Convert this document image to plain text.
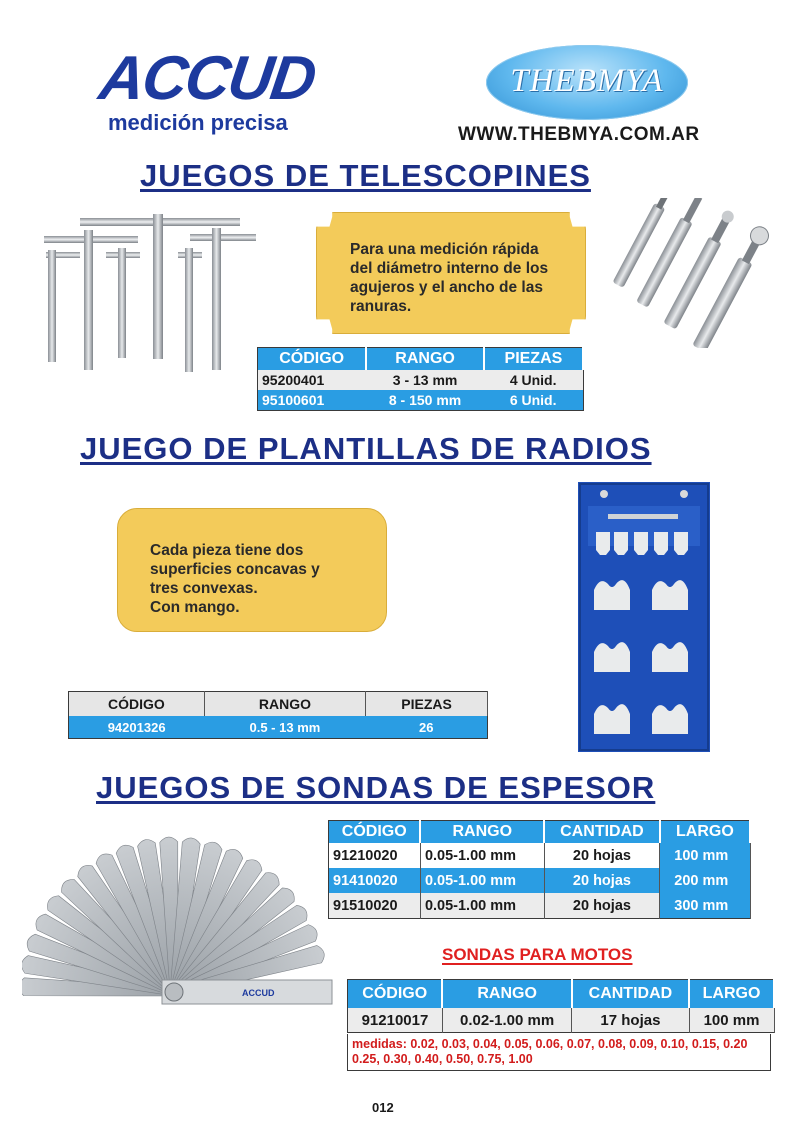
ACCUD
medición precisa
THEBMYA
WWW.THEBMYA.COM.AR
JUEGOS DE TELESCOPINES
Para una medición rápida
del diámetro interno de los
agujeros y el ancho de las
ranuras.
CÓDIGO	RANGO	PIEZAS
95200401	3 - 13 mm	4 Unid.
95100601	8 - 150 mm	6 Unid.
JUEGO DE PLANTILLAS DE RADIOS
Cada pieza tiene dos
superficies concavas y
tres convexas.
Con mango.
CÓDIGO	RANGO	PIEZAS
94201326	0.5 - 13 mm	26
JUEGOS DE SONDAS DE ESPESOR
ACCUD
CÓDIGO	RANGO	CANTIDAD	LARGO
91210020	0.05-1.00 mm	20 hojas	100 mm
91410020	0.05-1.00 mm	20 hojas	200 mm
91510020	0.05-1.00 mm	20 hojas	300 mm
SONDAS PARA MOTOS
CÓDIGO	RANGO	CANTIDAD	LARGO
91210017	0.02-1.00 mm	17 hojas	100 mm
medidas: 0.02, 0.03, 0.04, 0.05, 0.06, 0.07, 0.08, 0.09, 0.10, 0.15, 0.20 0.25, 0.30, 0.40, 0.50, 0.75, 1.00
012
